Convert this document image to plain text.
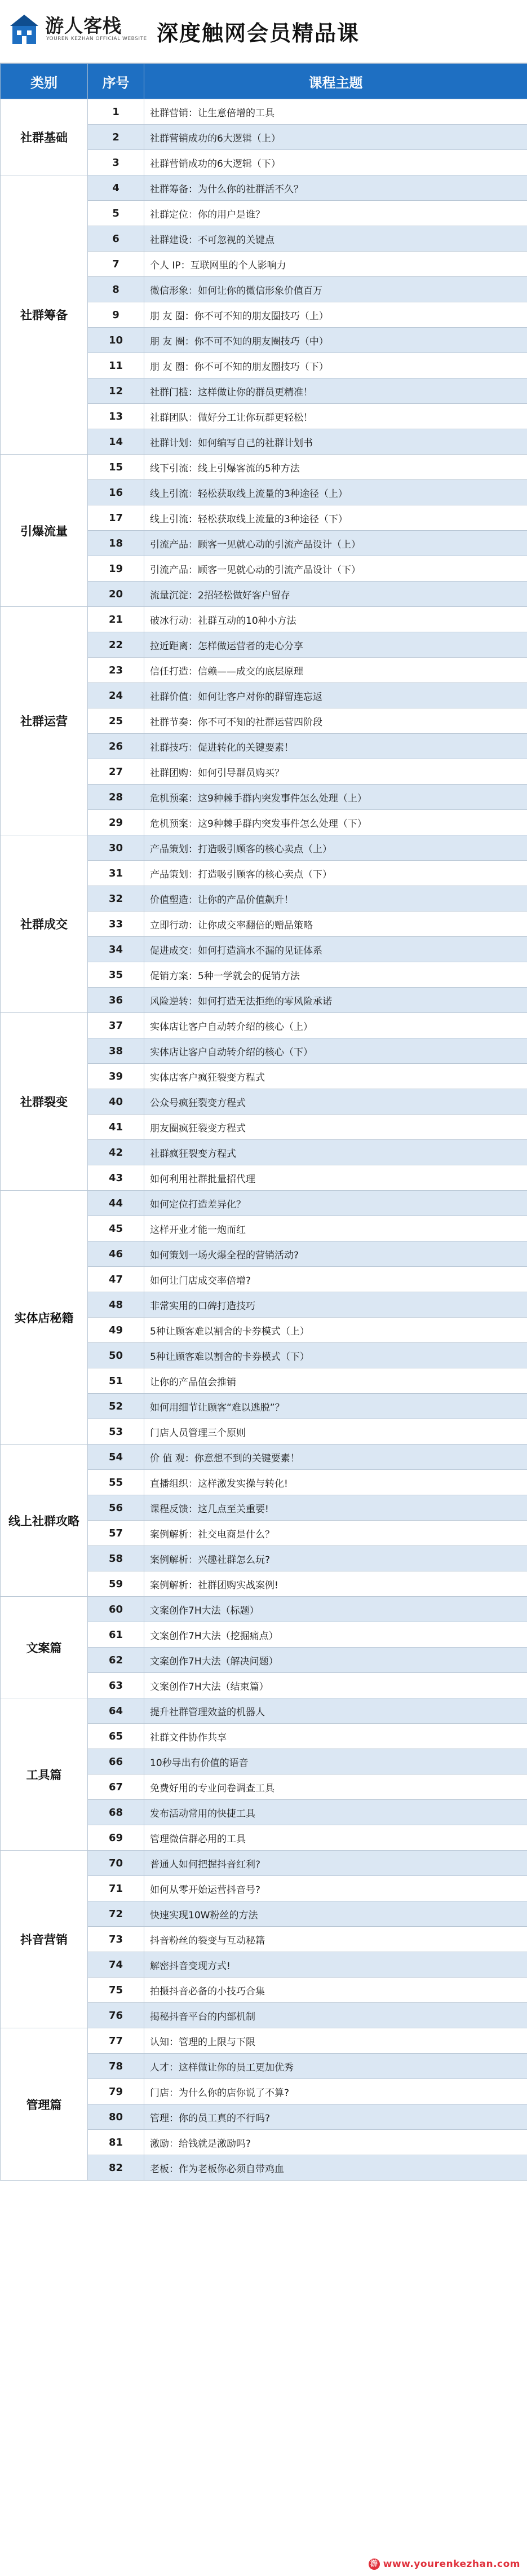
游人客栈
YOUREN KEZHAN OFFICIAL WEBSITE 深度触网会员精品课
类别	序号	课程主题
社群基础	1	社群营销：让生意倍增的工具
	2	社群营销成功的6大逻辑（上）
	3	社群营销成功的6大逻辑（下）
社群筹备	4	社群筹备：为什么你的社群活不久？
	5	社群定位：你的用户是谁？
	6	社群建设：不可忽视的关键点
	7	个人 IP：互联网里的个人影响力
	8	微信形象：如何让你的微信形象价值百万
	9	朋 友 圈：你不可不知的朋友圈技巧（上）
	10	朋 友 圈：你不可不知的朋友圈技巧（中）
	11	朋 友 圈：你不可不知的朋友圈技巧（下）
	12	社群门槛：这样做让你的群员更精准！
	13	社群团队：做好分工让你玩群更轻松！
	14	社群计划：如何编写自己的社群计划书
引爆流量	15	线下引流：线上引爆客流的5种方法
	16	线上引流：轻松获取线上流量的3种途径（上）
	17	线上引流：轻松获取线上流量的3种途径（下）
	18	引流产品：顾客一见就心动的引流产品设计（上）
	19	引流产品：顾客一见就心动的引流产品设计（下）
	20	流量沉淀：2招轻松做好客户留存
社群运营	21	破冰行动：社群互动的10种小方法
	22	拉近距离：怎样做运营者的走心分享
	23	信任打造：信赖——成交的底层原理
	24	社群价值：如何让客户对你的群留连忘返
	25	社群节奏：你不可不知的社群运营四阶段
	26	社群技巧：促进转化的关键要素！
	27	社群团购：如何引导群员购买？
	28	危机预案：这9种棘手群内突发事件怎么处理（上）
	29	危机预案：这9种棘手群内突发事件怎么处理（下）
社群成交	30	产品策划：打造吸引顾客的核心卖点（上）
	31	产品策划：打造吸引顾客的核心卖点（下）
	32	价值塑造：让你的产品价值飙升！
	33	立即行动：让你成交率翻倍的赠品策略
	34	促进成交：如何打造滴水不漏的见证体系
	35	促销方案：5种一学就会的促销方法
	36	风险逆转：如何打造无法拒绝的零风险承诺
社群裂变	37	实体店让客户自动转介绍的核心（上）
	38	实体店让客户自动转介绍的核心（下）
	39	实体店客户疯狂裂变方程式
	40	公众号疯狂裂变方程式
	41	朋友圈疯狂裂变方程式
	42	社群疯狂裂变方程式
	43	如何利用社群批量招代理
实体店秘籍	44	如何定位打造差异化？
	45	这样开业才能一炮而红
	46	如何策划一场火爆全程的营销活动?
	47	如何让门店成交率倍增?
	48	非常实用的口碑打造技巧
	49	5种让顾客难以割舍的卡券模式（上）
	50	5种让顾客难以割舍的卡券模式（下）
	51	让你的产品值会推销
	52	如何用细节让顾客“难以逃脱”？
	53	门店人员管理三个原则
线上社群攻略	54	价 值 观：你意想不到的关键要素！
	55	直播组织：这样激发实操与转化!
	56	课程反馈：这几点至关重要!
	57	案例解析：社交电商是什么？
	58	案例解析：兴趣社群怎么玩?
	59	案例解析：社群团购实战案例!
文案篇	60	文案创作7H大法（标题）
	61	文案创作7H大法（挖掘痛点）
	62	文案创作7H大法（解决问题）
	63	文案创作7H大法（结束篇）
工具篇	64	提升社群管理效益的机器人
	65	社群文件协作共享
	66	10秒导出有价值的语音
	67	免费好用的专业问卷调查工具
	68	发布活动常用的快捷工具
	69	管理微信群必用的工具
抖音营销	70	普通人如何把握抖音红利?
	71	如何从零开始运营抖音号?
	72	快速实现10W粉丝的方法
	73	抖音粉丝的裂变与互动秘籍
	74	解密抖音变现方式!
	75	拍摄抖音必备的小技巧合集
	76	揭秘抖音平台的内部机制
管理篇	77	认知：管理的上限与下限
	78	人才：这样做让你的员工更加优秀
	79	门店：为什么你的店你说了不算?
	80	管理：你的员工真的不行吗?
	81	激励：给钱就是激励吗?
	82	老板：作为老板你必须自带鸡血
游 www.yourenkezhan.com
